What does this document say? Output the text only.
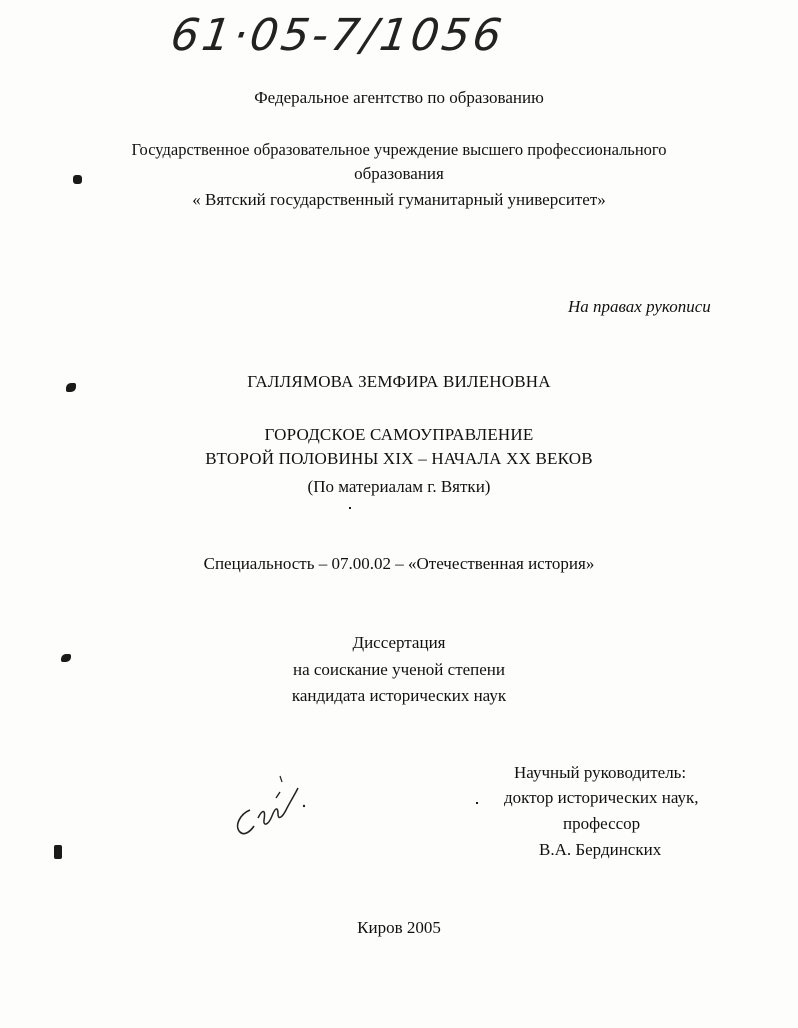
61·05-7/1056
Федеральное агентство по образованию
Государственное образовательное учреждение высшего профессионального
образования
« Вятский государственный гуманитарный университет»
На правах рукописи
ГАЛЛЯМОВА ЗЕМФИРА ВИЛЕНОВНА
ГОРОДСКОЕ САМОУПРАВЛЕНИЕ
ВТОРОЙ ПОЛОВИНЫ XIX – НАЧАЛА XX ВЕКОВ
(По материалам г. Вятки)
Специальность – 07.00.02 – «Отечественная история»
Диссертация
на соискание ученой степени
кандидата исторических наук
Научный руководитель:
доктор исторических наук,
профессор
В.А. Бердинских
Киров 2005
